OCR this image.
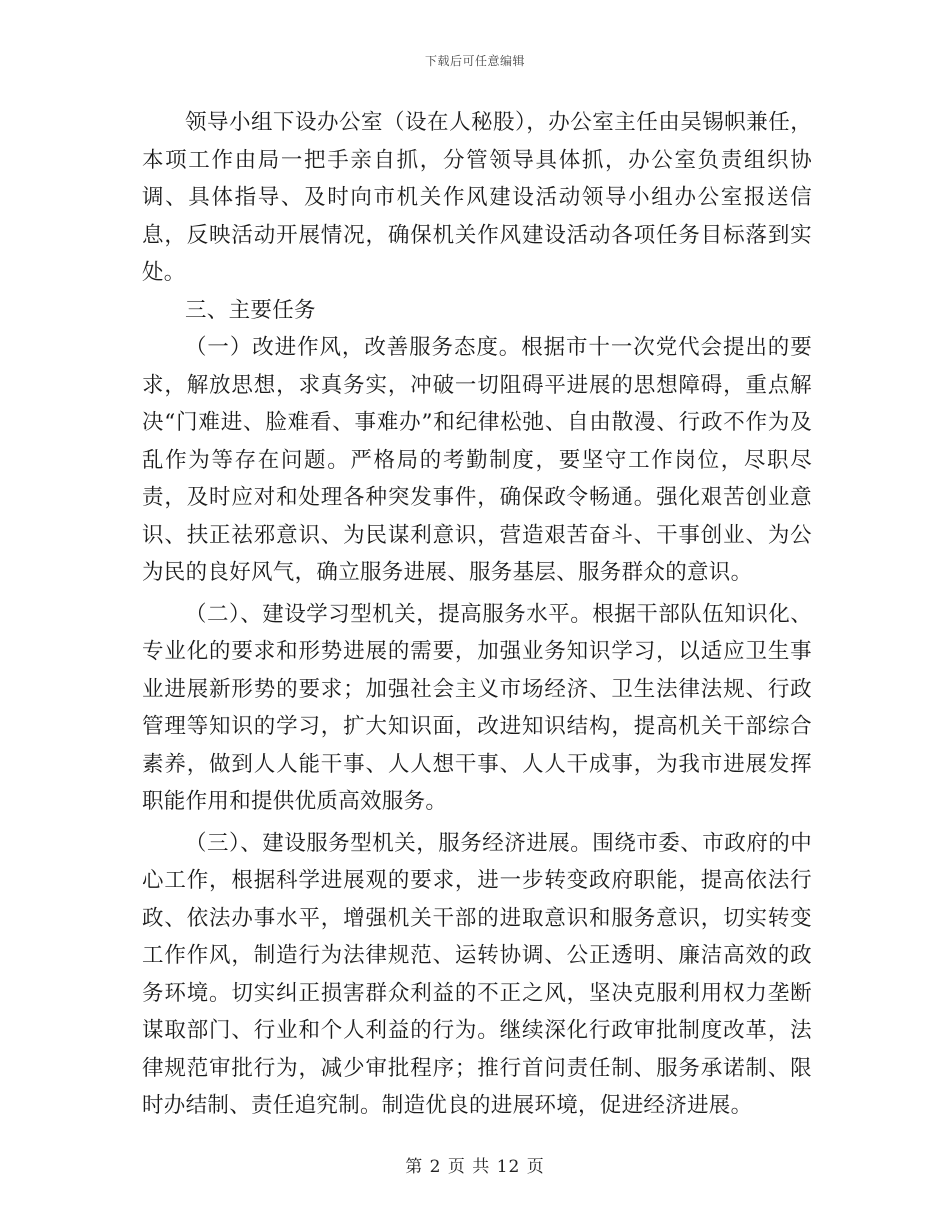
下载后可任意编辑

领导小组下设办公室（设在人秘股），办公室主任由吴锡帜兼任，本项工作由局一把手亲自抓，分管领导具体抓，办公室负责组织协调、具体指导、及时向市机关作风建设活动领导小组办公室报送信息，反映活动开展情况，确保机关作风建设活动各项任务目标落到实处。

三、主要任务

（一）改进作风，改善服务态度。根据市十一次党代会提出的要求，解放思想，求真务实，冲破一切阻碍平进展的思想障碍，重点解决“门难进、脸难看、事难办”和纪律松弛、自由散漫、行政不作为及乱作为等存在问题。严格局的考勤制度，要坚守工作岗位，尽职尽责，及时应对和处理各种突发事件，确保政令畅通。强化艰苦创业意识、扶正祛邪意识、为民谋利意识，营造艰苦奋斗、干事创业、为公为民的良好风气，确立服务进展、服务基层、服务群众的意识。

（二）、建设学习型机关，提高服务水平。根据干部队伍知识化、专业化的要求和形势进展的需要，加强业务知识学习，以适应卫生事业进展新形势的要求；加强社会主义市场经济、卫生法律法规、行政管理等知识的学习，扩大知识面，改进知识结构，提高机关干部综合素养，做到人人能干事、人人想干事、人人干成事，为我市进展发挥职能作用和提供优质高效服务。

（三）、建设服务型机关，服务经济进展。围绕市委、市政府的中心工作，根据科学进展观的要求，进一步转变政府职能，提高依法行政、依法办事水平，增强机关干部的进取意识和服务意识，切实转变工作作风，制造行为法律规范、运转协调、公正透明、廉洁高效的政务环境。切实纠正损害群众利益的不正之风，坚决克服利用权力垄断谋取部门、行业和个人利益的行为。继续深化行政审批制度改革，法律规范审批行为，减少审批程序；推行首问责任制、服务承诺制、限时办结制、责任追究制。制造优良的进展环境，促进经济进展。

第 2 页 共 12 页
